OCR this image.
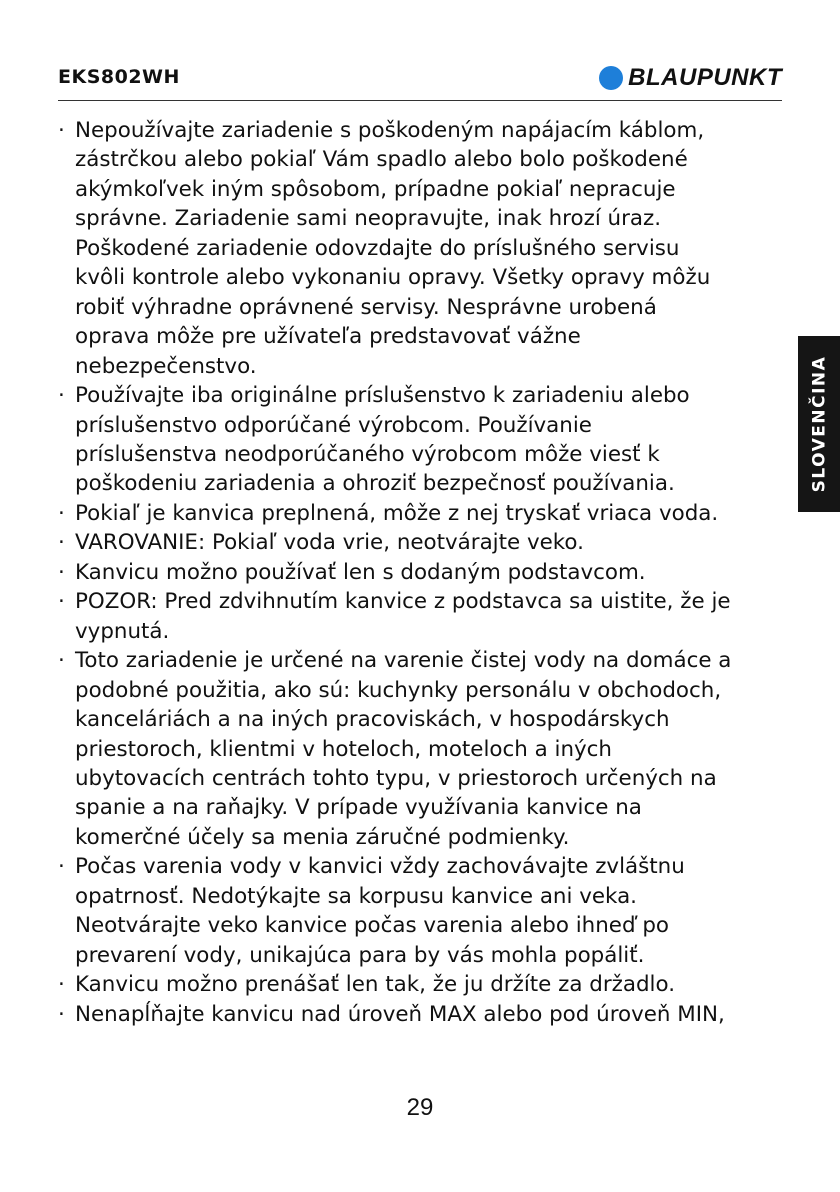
EKS802WH	BLAUPUNKT
· Nepoužívajte zariadenie s poškodeným napájacím káblom,
zástrčkou alebo pokiaľ Vám spadlo alebo bolo poškodené
akýmkoľvek iným spôsobom, prípadne pokiaľ nepracuje
správne. Zariadenie sami neopravujte, inak hrozí úraz.
Poškodené zariadenie odovzdajte do príslušného servisu
kvôli kontrole alebo vykonaniu opravy. Všetky opravy môžu
robiť výhradne oprávnené servisy. Nesprávne urobená
oprava môže pre užívateľa predstavovať vážne
nebezpečenstvo.
· Používajte iba originálne príslušenstvo k zariadeniu alebo
príslušenstvo odporúčané výrobcom. Používanie
príslušenstva neodporúčaného výrobcom môže viesť k
poškodeniu zariadenia a ohroziť bezpečnosť používania.
· Pokiaľ je kanvica preplnená, môže z nej tryskať vriaca voda.
· VAROVANIE: Pokiaľ voda vrie, neotvárajte veko.
· Kanvicu možno používať len s dodaným podstavcom.
· POZOR: Pred zdvihnutím kanvice z podstavca sa uistite, že je
vypnutá.
· Toto zariadenie je určené na varenie čistej vody na domáce a
podobné použitia, ako sú: kuchynky personálu v obchodoch,
kanceláriách a na iných pracoviskách, v hospodárskych
priestoroch, klientmi v hoteloch, moteloch a iných
ubytovacích centrách tohto typu, v priestoroch určených na
spanie a na raňajky. V prípade využívania kanvice na
komerčné účely sa menia záručné podmienky.
· Počas varenia vody v kanvici vždy zachovávajte zvláštnu
opatrnosť. Nedotýkajte sa korpusu kanvice ani veka.
Neotvárajte veko kanvice počas varenia alebo ihneď po
prevarení vody, unikajúca para by vás mohla popáliť.
· Kanvicu možno prenášať len tak, že ju držíte za držadlo.
· Nenapĺňajte kanvicu nad úroveň MAX alebo pod úroveň MIN,
SLOVENČINA
29
